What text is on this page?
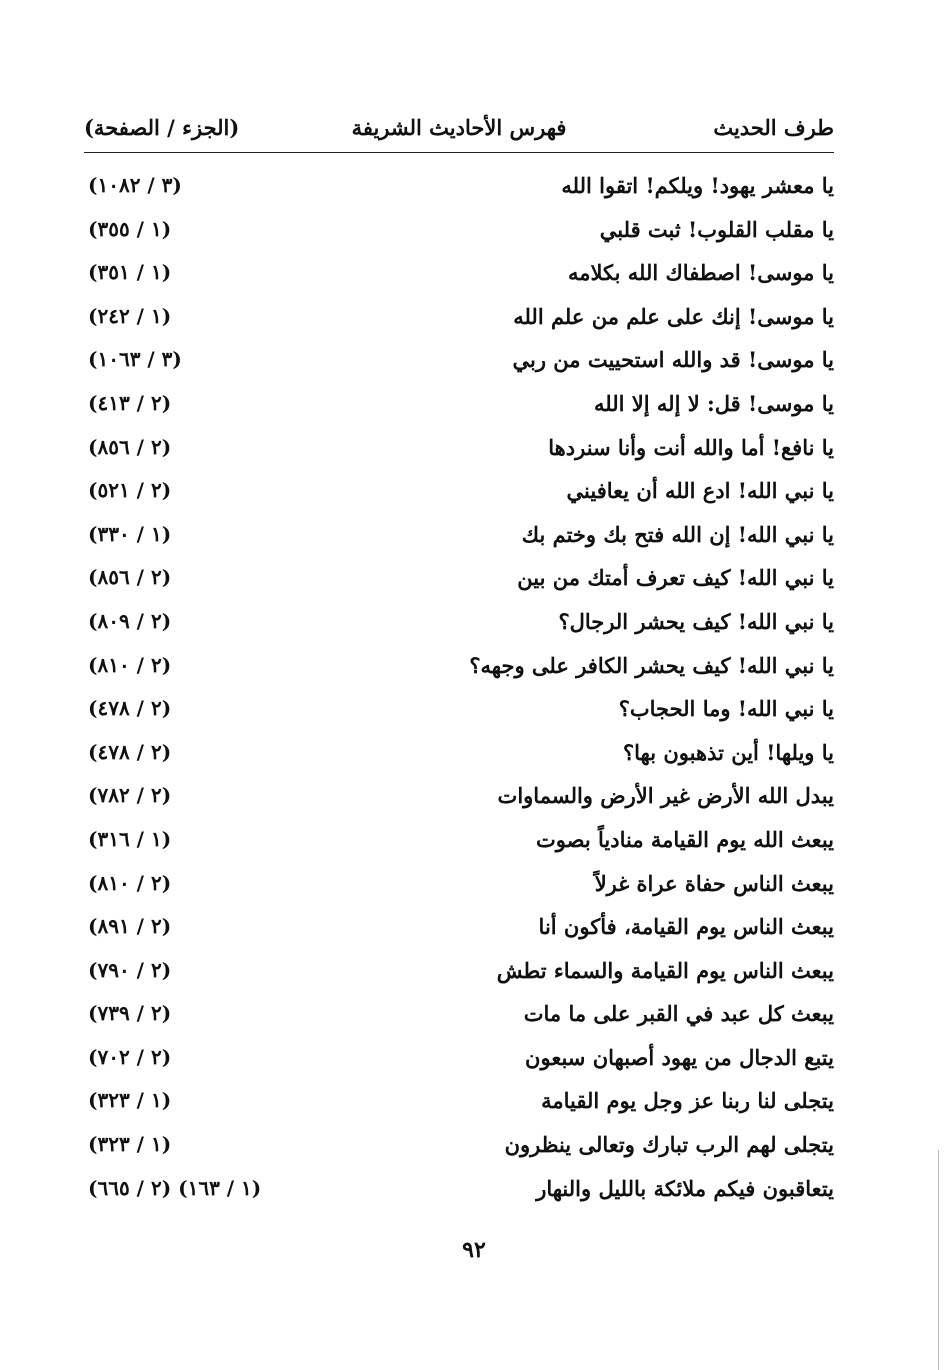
طرف الحديث
فهرس الأحاديث الشريفة
(الجزء / الصفحة)
يا معشر يهود! ويلكم! اتقوا الله
(٣ / ١٠٨٢)
يا مقلب القلوب! ثبت قلبي
(١ / ٣٥٥)
يا موسى! اصطفاك الله بكلامه
(١ / ٣٥١)
يا موسى! إنك على علم من علم الله
(١ / ٢٤٢)
يا موسى! قد والله استحييت من ربي
(٣ / ١٠٦٣)
يا موسى! قل: لا إله إلا الله
(٢ / ٤١٣)
يا نافع! أما والله أنت وأنا سنردها
(٢ / ٨٥٦)
يا نبي الله! ادع الله أن يعافيني
(٢ / ٥٢١)
يا نبي الله! إن الله فتح بك وختم بك
(١ / ٣٣٠)
يا نبي الله! كيف تعرف أمتك من بين
(٢ / ٨٥٦)
يا نبي الله! كيف يحشر الرجال؟
(٢ / ٨٠٩)
يا نبي الله! كيف يحشر الكافر على وجهه؟
(٢ / ٨١٠)
يا نبي الله! وما الحجاب؟
(٢ / ٤٧٨)
يا ويلها! أين تذهبون بها؟
(٢ / ٤٧٨)
يبدل الله الأرض غير الأرض والسماوات
(٢ / ٧٨٢)
يبعث الله يوم القيامة منادياً بصوت
(١ / ٣١٦)
يبعث الناس حفاة عراة غرلاً
(٢ / ٨١٠)
يبعث الناس يوم القيامة، فأكون أنا
(٢ / ٨٩١)
يبعث الناس يوم القيامة والسماء تطش
(٢ / ٧٩٠)
يبعث كل عبد في القبر على ما مات
(٢ / ٧٣٩)
يتبع الدجال من يهود أصبهان سبعون
(٢ / ٧٠٢)
يتجلى لنا ربنا عز وجل يوم القيامة
(١ / ٣٢٣)
يتجلى لهم الرب تبارك وتعالى ينظرون
(١ / ٣٢٣)
يتعاقبون فيكم ملائكة بالليل والنهار
(١ / ١٦٣) (٢ / ٦٦٥)
٩٢
